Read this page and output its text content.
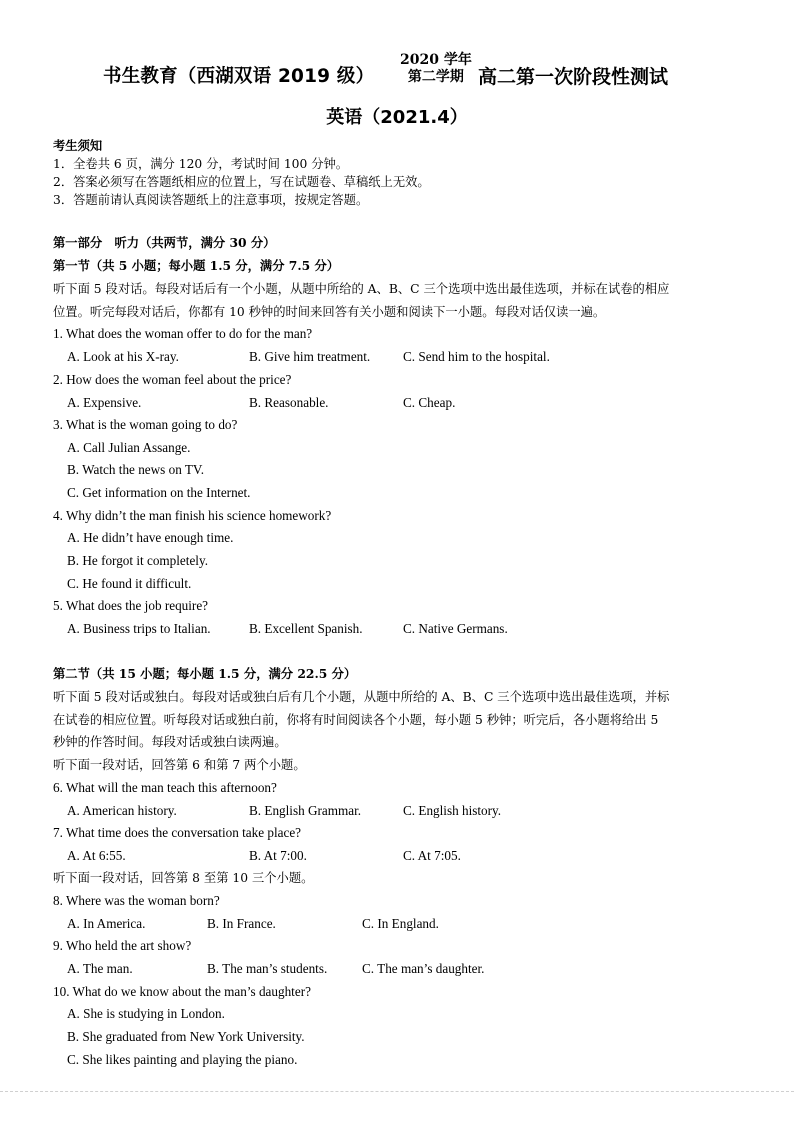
书生教育（西湖双语 2019 级）
2020 学年
第二学期 高二第一次阶段性测试
英语（2021.4）
考生须知
1．全卷共 6 页，满分 120 分，考试时间 100 分钟。
2．答案必须写在答题纸相应的位置上，写在试题卷、草稿纸上无效。
3．答题前请认真阅读答题纸上的注意事项，按规定答题。
第一部分　听力（共两节，满分 30 分）
第一节（共 5 小题；每小题 1.5 分，满分 7.5 分）
听下面 5 段对话。每段对话后有一个小题，从题中所给的 A、B、C 三个选项中选出最佳选项，并标在试卷的相应
位置。听完每段对话后，你都有 10 秒钟的时间来回答有关小题和阅读下一小题。每段对话仅读一遍。
1. What does the woman offer to do for the man?
A. Look at his X-ray.	B. Give him treatment. C. Send him to the hospital.
2. How does the woman feel about the price?
A. Expensive.	B. Reasonable.	C. Cheap.
3. What is the woman going to do?
A. Call Julian Assange.
B. Watch the news on TV.
C. Get information on the Internet.
4. Why didn’t the man finish his science homework?
A. He didn’t have enough time.
B. He forgot it completely.
C. He found it difficult.
5. What does the job require?
A. Business trips to Italian.	B. Excellent Spanish.	C. Native Germans.
第二节（共 15 小题；每小题 1.5 分，满分 22.5 分）
听下面 5 段对话或独白。每段对话或独白后有几个小题，从题中所给的 A、B、C 三个选项中选出最佳选项，并标
在试卷的相应位置。听每段对话或独白前，你将有时间阅读各个小题，每小题 5 秒钟；听完后，各小题将给出 5
秒钟的作答时间。每段对话或独白读两遍。
听下面一段对话，回答第 6 和第 7 两个小题。
6. What will the man teach this afternoon?
A. American history.	B. English Grammar.	C. English history.
7. What time does the conversation take place?
A. At 6:55.	B. At 7:00.	C. At 7:05.
听下面一段对话，回答第 8 至第 10 三个小题。
8. Where was the woman born?
A. In America.	B. In France.	C. In England.
9. Who held the art show?
A. The man.	B. The man’s students.	C. The man’s daughter.
10. What do we know about the man’s daughter?
A. She is studying in London.
B. She graduated from New York University.
C. She likes painting and playing the piano.
